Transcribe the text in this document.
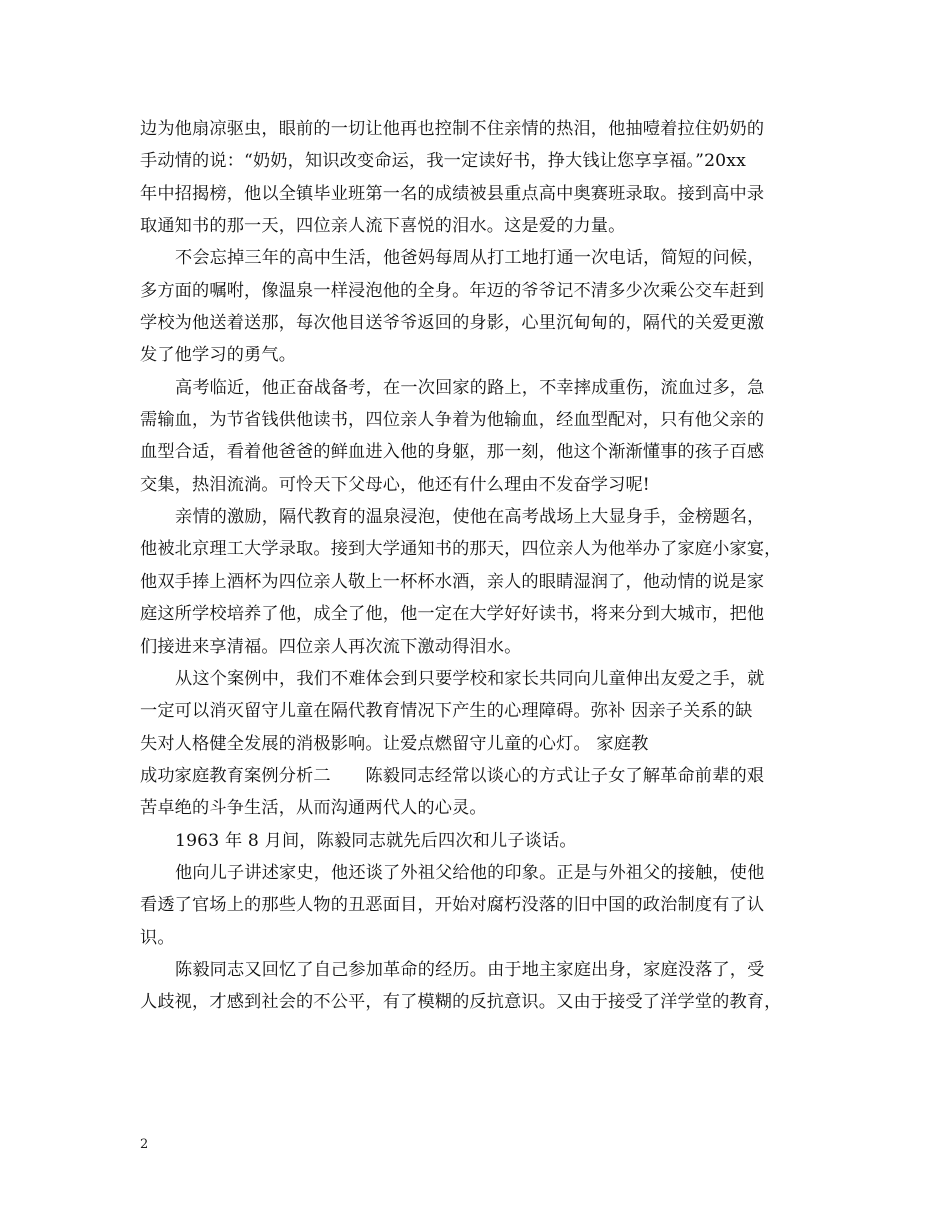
边为他扇凉驱虫，眼前的一切让他再也控制不住亲情的热泪，他抽噎着拉住奶奶的
手动情的说：“奶奶，知识改变命运，我一定读好书，挣大钱让您享享福。”20xx
年中招揭榜，他以全镇毕业班第一名的成绩被县重点高中奥赛班录取。接到高中录
取通知书的那一天，四位亲人流下喜悦的泪水。这是爱的力量。
不会忘掉三年的高中生活，他爸妈每周从打工地打通一次电话，简短的问候，
多方面的嘱咐，像温泉一样浸泡他的全身。年迈的爷爷记不清多少次乘公交车赶到
学校为他送着送那，每次他目送爷爷返回的身影，心里沉甸甸的，隔代的关爱更激
发了他学习的勇气。
高考临近，他正奋战备考，在一次回家的路上，不幸摔成重伤，流血过多，急
需输血，为节省钱供他读书，四位亲人争着为他输血，经血型配对，只有他父亲的
血型合适，看着他爸爸的鲜血进入他的身躯，那一刻，他这个渐渐懂事的孩子百感
交集，热泪流淌。可怜天下父母心，他还有什么理由不发奋学习呢!
亲情的激励，隔代教育的温泉浸泡，使他在高考战场上大显身手，金榜题名，
他被北京理工大学录取。接到大学通知书的那天，四位亲人为他举办了家庭小家宴，
他双手捧上酒杯为四位亲人敬上一杯杯水酒，亲人的眼睛湿润了，他动情的说是家
庭这所学校培养了他，成全了他，他一定在大学好好读书，将来分到大城市，把他
们接进来享清福。四位亲人再次流下激动得泪水。
从这个案例中，我们不难体会到只要学校和家长共同向儿童伸出友爱之手，就
一定可以消灭留守儿童在隔代教育情况下产生的心理障碍。弥补 因亲子关系的缺
失对人格健全发展的消极影响。让爱点燃留守儿童的心灯。 家庭教
成功家庭教育案例分析二　　陈毅同志经常以谈心的方式让子女了解革命前辈的艰
苦卓绝的斗争生活，从而沟通两代人的心灵。
1963 年 8 月间，陈毅同志就先后四次和儿子谈话。
他向儿子讲述家史，他还谈了外祖父给他的印象。正是与外祖父的接触，使他
看透了官场上的那些人物的丑恶面目，开始对腐朽没落的旧中国的政治制度有了认
识。
陈毅同志又回忆了自己参加革命的经历。由于地主家庭出身，家庭没落了，受
人歧视，才感到社会的不公平，有了模糊的反抗意识。又由于接受了洋学堂的教育，
2
